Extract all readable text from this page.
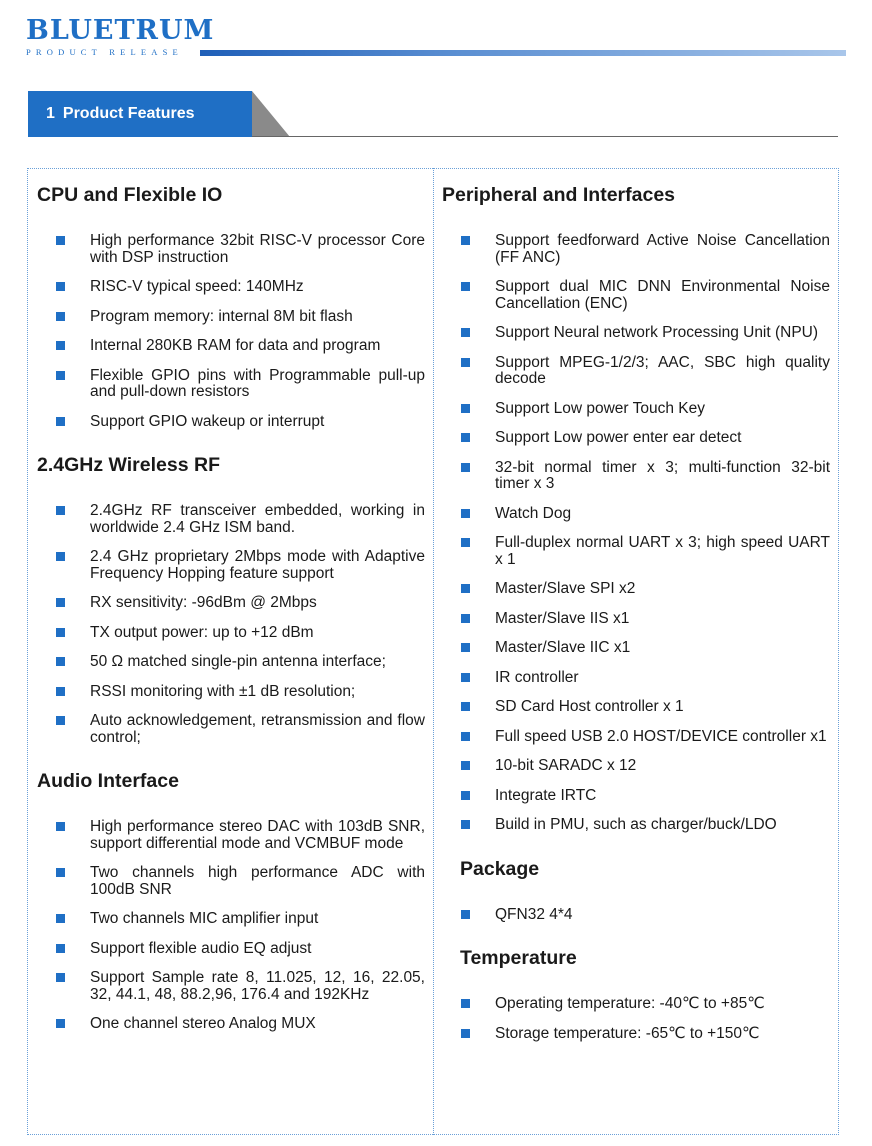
BLUETRUM
PRODUCT RELEASE
1 Product Features
CPU and Flexible IO
High performance 32bit RISC-V processor Core with DSP instruction
RISC-V typical speed: 140MHz
Program memory: internal 8M bit flash
Internal 280KB RAM for data and program
Flexible GPIO pins with Programmable pull-up and pull-down resistors
Support GPIO wakeup or interrupt
2.4GHz Wireless RF
2.4GHz RF transceiver embedded, working in worldwide 2.4 GHz ISM band.
2.4 GHz proprietary 2Mbps mode with Adaptive Frequency Hopping feature support
RX sensitivity: -96dBm @ 2Mbps
TX output power: up to +12 dBm
50 Ω matched single-pin antenna interface;
RSSI monitoring with ±1 dB resolution;
Auto acknowledgement, retransmission and flow control;
Audio Interface
High performance stereo DAC with 103dB SNR, support differential mode and VCMBUF mode
Two channels high performance ADC with 100dB SNR
Two channels MIC amplifier input
Support flexible audio EQ adjust
Support Sample rate 8, 11.025, 12, 16, 22.05, 32, 44.1, 48, 88.2,96, 176.4 and 192KHz
One channel stereo Analog MUX
Peripheral and Interfaces
Support feedforward Active Noise Cancellation (FF ANC)
Support dual MIC DNN Environmental Noise Cancellation (ENC)
Support Neural network Processing Unit (NPU)
Support MPEG-1/2/3; AAC, SBC high quality decode
Support Low power Touch Key
Support Low power enter ear detect
32-bit normal timer x 3; multi-function 32-bit timer x 3
Watch Dog
Full-duplex normal UART x 3; high speed UART x 1
Master/Slave SPI x2
Master/Slave IIS x1
Master/Slave IIC x1
IR controller
SD Card Host controller x 1
Full speed USB 2.0 HOST/DEVICE controller x1
10-bit SARADC x 12
Integrate IRTC
Build in PMU, such as charger/buck/LDO
Package
QFN32 4*4
Temperature
Operating temperature: -40℃ to +85℃
Storage temperature: -65℃ to +150℃
